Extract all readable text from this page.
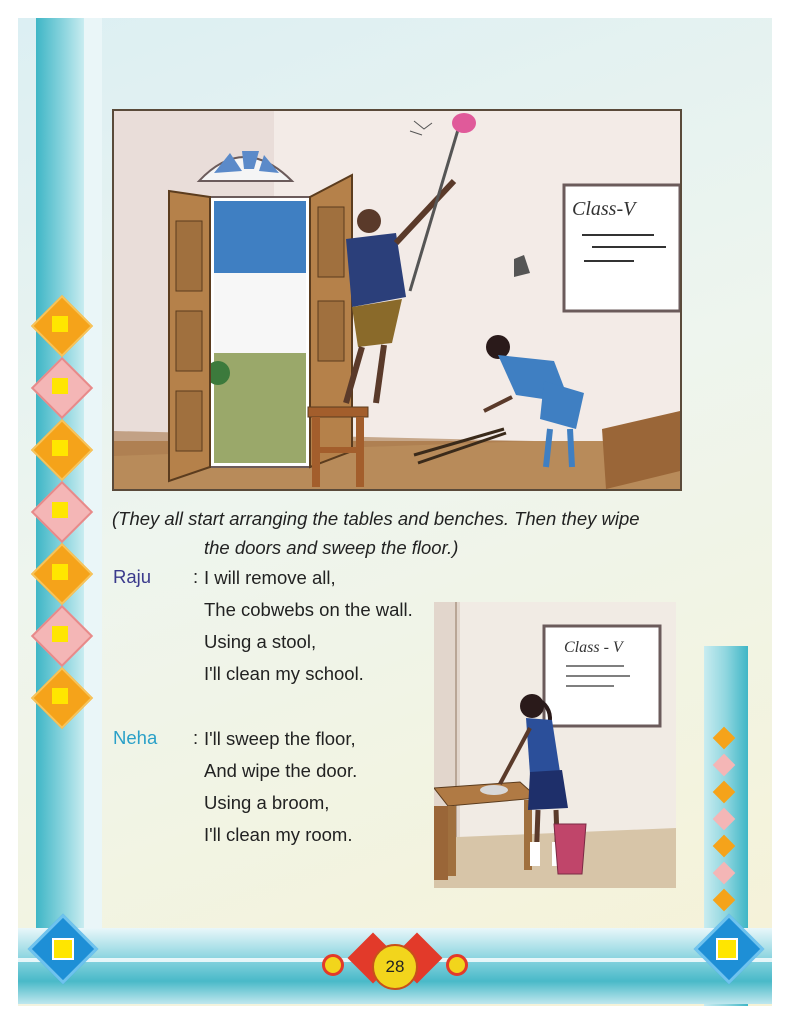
28
Class-V
(They all start arranging the tables and benches. Then they wipe
the doors and sweep the floor.)
Raju : I will remove all,
The cobwebs on the wall.
Using a stool,
I'll clean my school.
Neha : I'll sweep the floor,
And wipe the door.
Using a broom,
I'll clean my room.
Class - V
